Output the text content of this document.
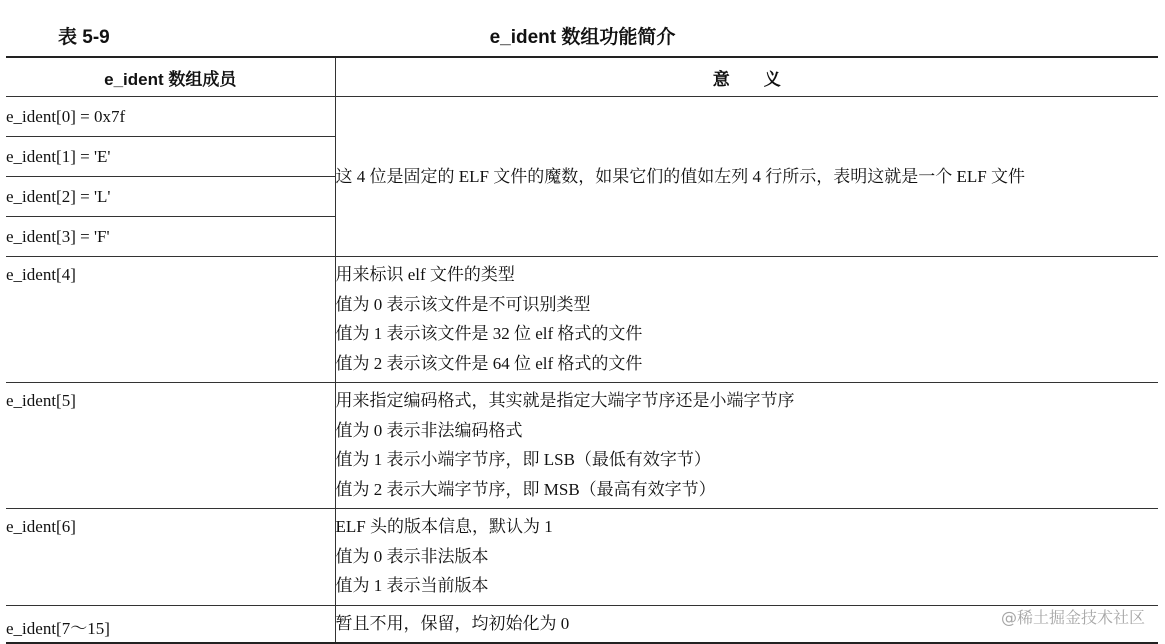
表 5-9	e_ident 数组功能简介
e_ident 数组成员	意　　义
e_ident[0] = 0x7f	这 4 位是固定的 ELF 文件的魔数，如果它们的值如左列 4 行所示，表明这就是一个 ELF 文件
e_ident[1] = 'E'	
e_ident[2] = 'L'	
e_ident[3] = 'F'	
e_ident[4]	用来标识 elf 文件的类型
值为 0 表示该文件是不可识别类型
值为 1 表示该文件是 32 位 elf 格式的文件
值为 2 表示该文件是 64 位 elf 格式的文件

e_ident[5]	用来指定编码格式，其实就是指定大端字节序还是小端字节序
值为 0 表示非法编码格式
值为 1 表示小端字节序，即 LSB（最低有效字节）
值为 2 表示大端字节序，即 MSB（最高有效字节）

e_ident[6]	ELF 头的版本信息，默认为 1
值为 0 表示非法版本
值为 1 表示当前版本

e_ident[7～15]	暂且不用，保留，均初始化为 0	@稀土掘金技术社区
